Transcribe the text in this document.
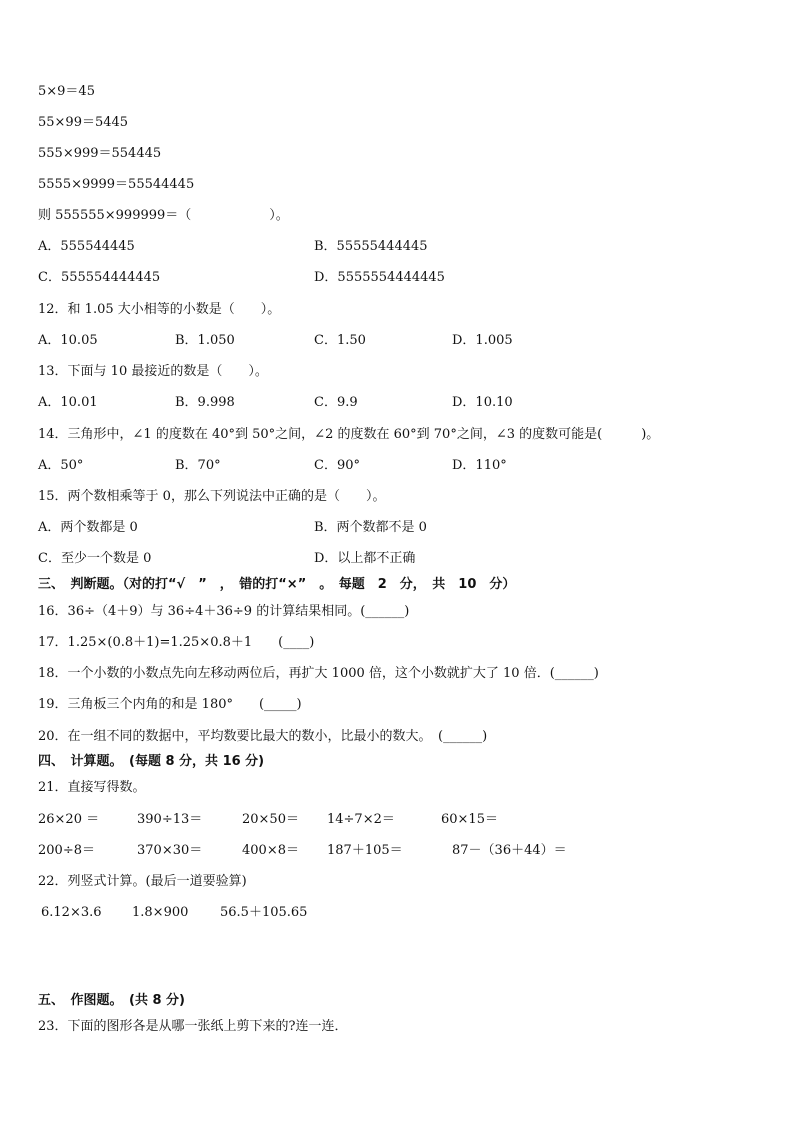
5×9＝45
55×99＝5445
555×999＝554445
5555×9999＝55544445
则 555555×999999＝（　　　　　　）。
A．555544445	B．55555444445
C．555554444445	D．5555554444445
12．和 1.05 大小相等的小数是（　　）。
A．10.05	B．1.050	C．1.50	D．1.005
13．下面与 10 最接近的数是（　　）。
A．10.01	B．9.998	C．9.9	D．10.10
14．三角形中，∠1 的度数在 40°到 50°之间，∠2 的度数在 60°到 70°之间，∠3 的度数可能是(　　　)。
A．50°	B．70°	C．90°	D．110°
15．两个数相乘等于 0，那么下列说法中正确的是（　　）。
A．两个数都是 0	B．两个数都不是 0
C．至少一个数是 0	D．以上都不正确
三、　判断题。（对的打“√　”　，　错的打“×”　。　每题　2　分，　共　10　分）
16．36÷（4＋9）与 36÷4＋36÷9 的计算结果相同。(______)
17．1.25×(0.8＋1)=1.25×0.8＋1　　(____)
18．一个小数的小数点先向左移动两位后，再扩大 1000 倍，这个小数就扩大了 10 倍．(______)
19．三角板三个内角的和是 180°　　(_____)
20．在一组不同的数据中，平均数要比最大的数小，比最小的数大。　(______)
四、　计算题。　(每题 8 分，共 16 分)
21．直接写得数。
26×20 ＝	390÷13＝	20×50＝ 14÷7×2＝	60×15＝
200÷8＝	370×30＝	400×8＝ 187＋105＝	87－（36＋44）＝
22．列竖式计算。(最后一道要验算)
6.12×3.6 1.8×900 56.5＋105.65
五、　作图题。　(共 8 分)
23．下面的图形各是从哪一张纸上剪下来的?连一连．
